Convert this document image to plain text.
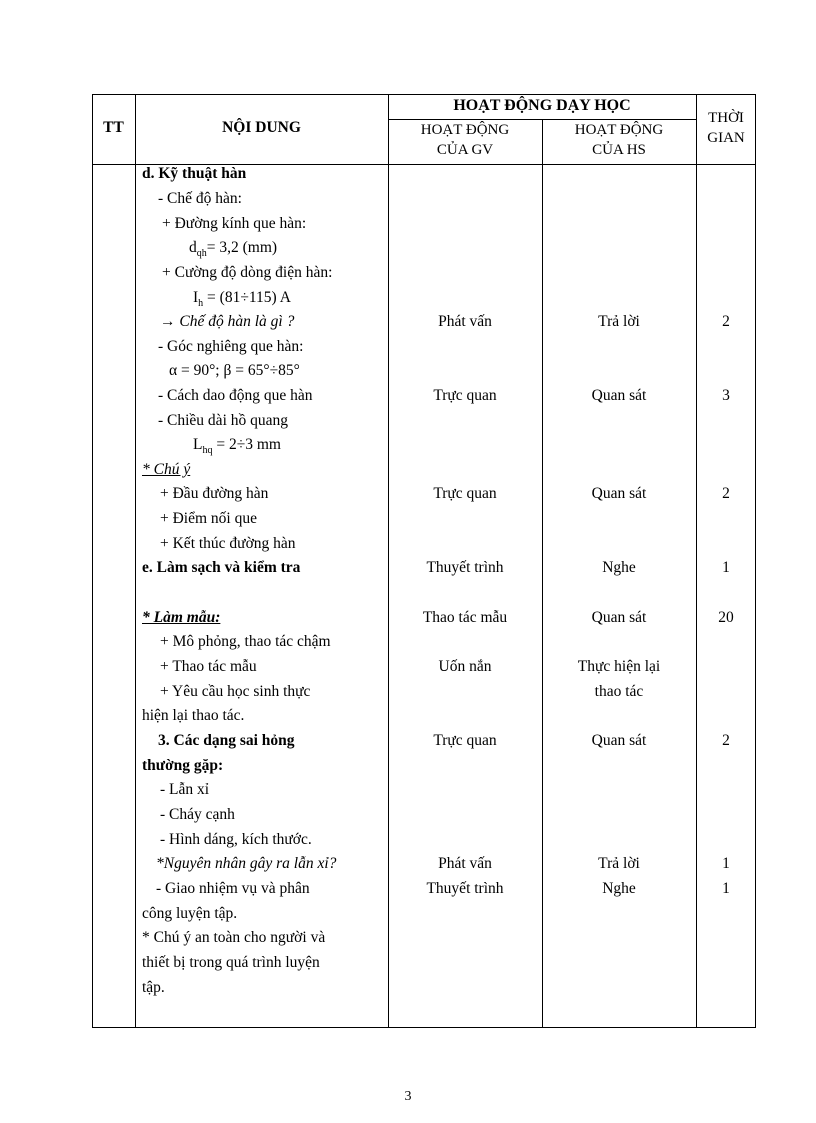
TT	NỘI DUNG
HOẠT ĐỘNG DẠY HỌC
HOẠT ĐỘNG
CỦA GV
HOẠT ĐỘNG
CỦA HS
THỜI
GIAN
d. Kỹ thuật hàn
- Chế độ hàn:
+ Đường kính que hàn:
$d_{qh}= 3,2$ (mm)
+ Cường độ dòng điện hàn:
$I_h = (81\div 115)$ A
→ Chế độ hàn là gì ?
- Góc nghiêng que hàn:
α = 90°; β = 65°÷85°
- Cách dao động que hàn
- Chiều dài hồ quang
$L_{hq} = 2\div 3$ mm
* Chú ý
+ Đầu đường hàn
+ Điểm nối que
+ Kết thúc đường hàn
e. Làm sạch và kiểm tra
* Làm mẫu:
+ Mô phỏng, thao tác chậm
+ Thao tác mẫu
+ Yêu cầu học sinh thực
hiện lại thao tác.
3. Các dạng sai hỏng
thường gặp:
- Lẫn xỉ
- Cháy cạnh
- Hình dáng, kích thước.
*Nguyên nhân gây ra lẫn xỉ?
- Giao nhiệm vụ và phân
công luyện tập.
* Chú ý an toàn cho người và
thiết bị trong quá trình luyện
tập.
Phát vấn
Trực quan
Trực quan
Thuyết trình
Thao tác mẫu
Uốn nắn
Trực quan
Phát vấn
Thuyết trình
Trả lời
Quan sát
Quan sát
Nghe
Quan sát
Thực hiện lại
thao tác
Quan sát
Trả lời
Nghe
2
3
2
1
20
2
1
1
3
